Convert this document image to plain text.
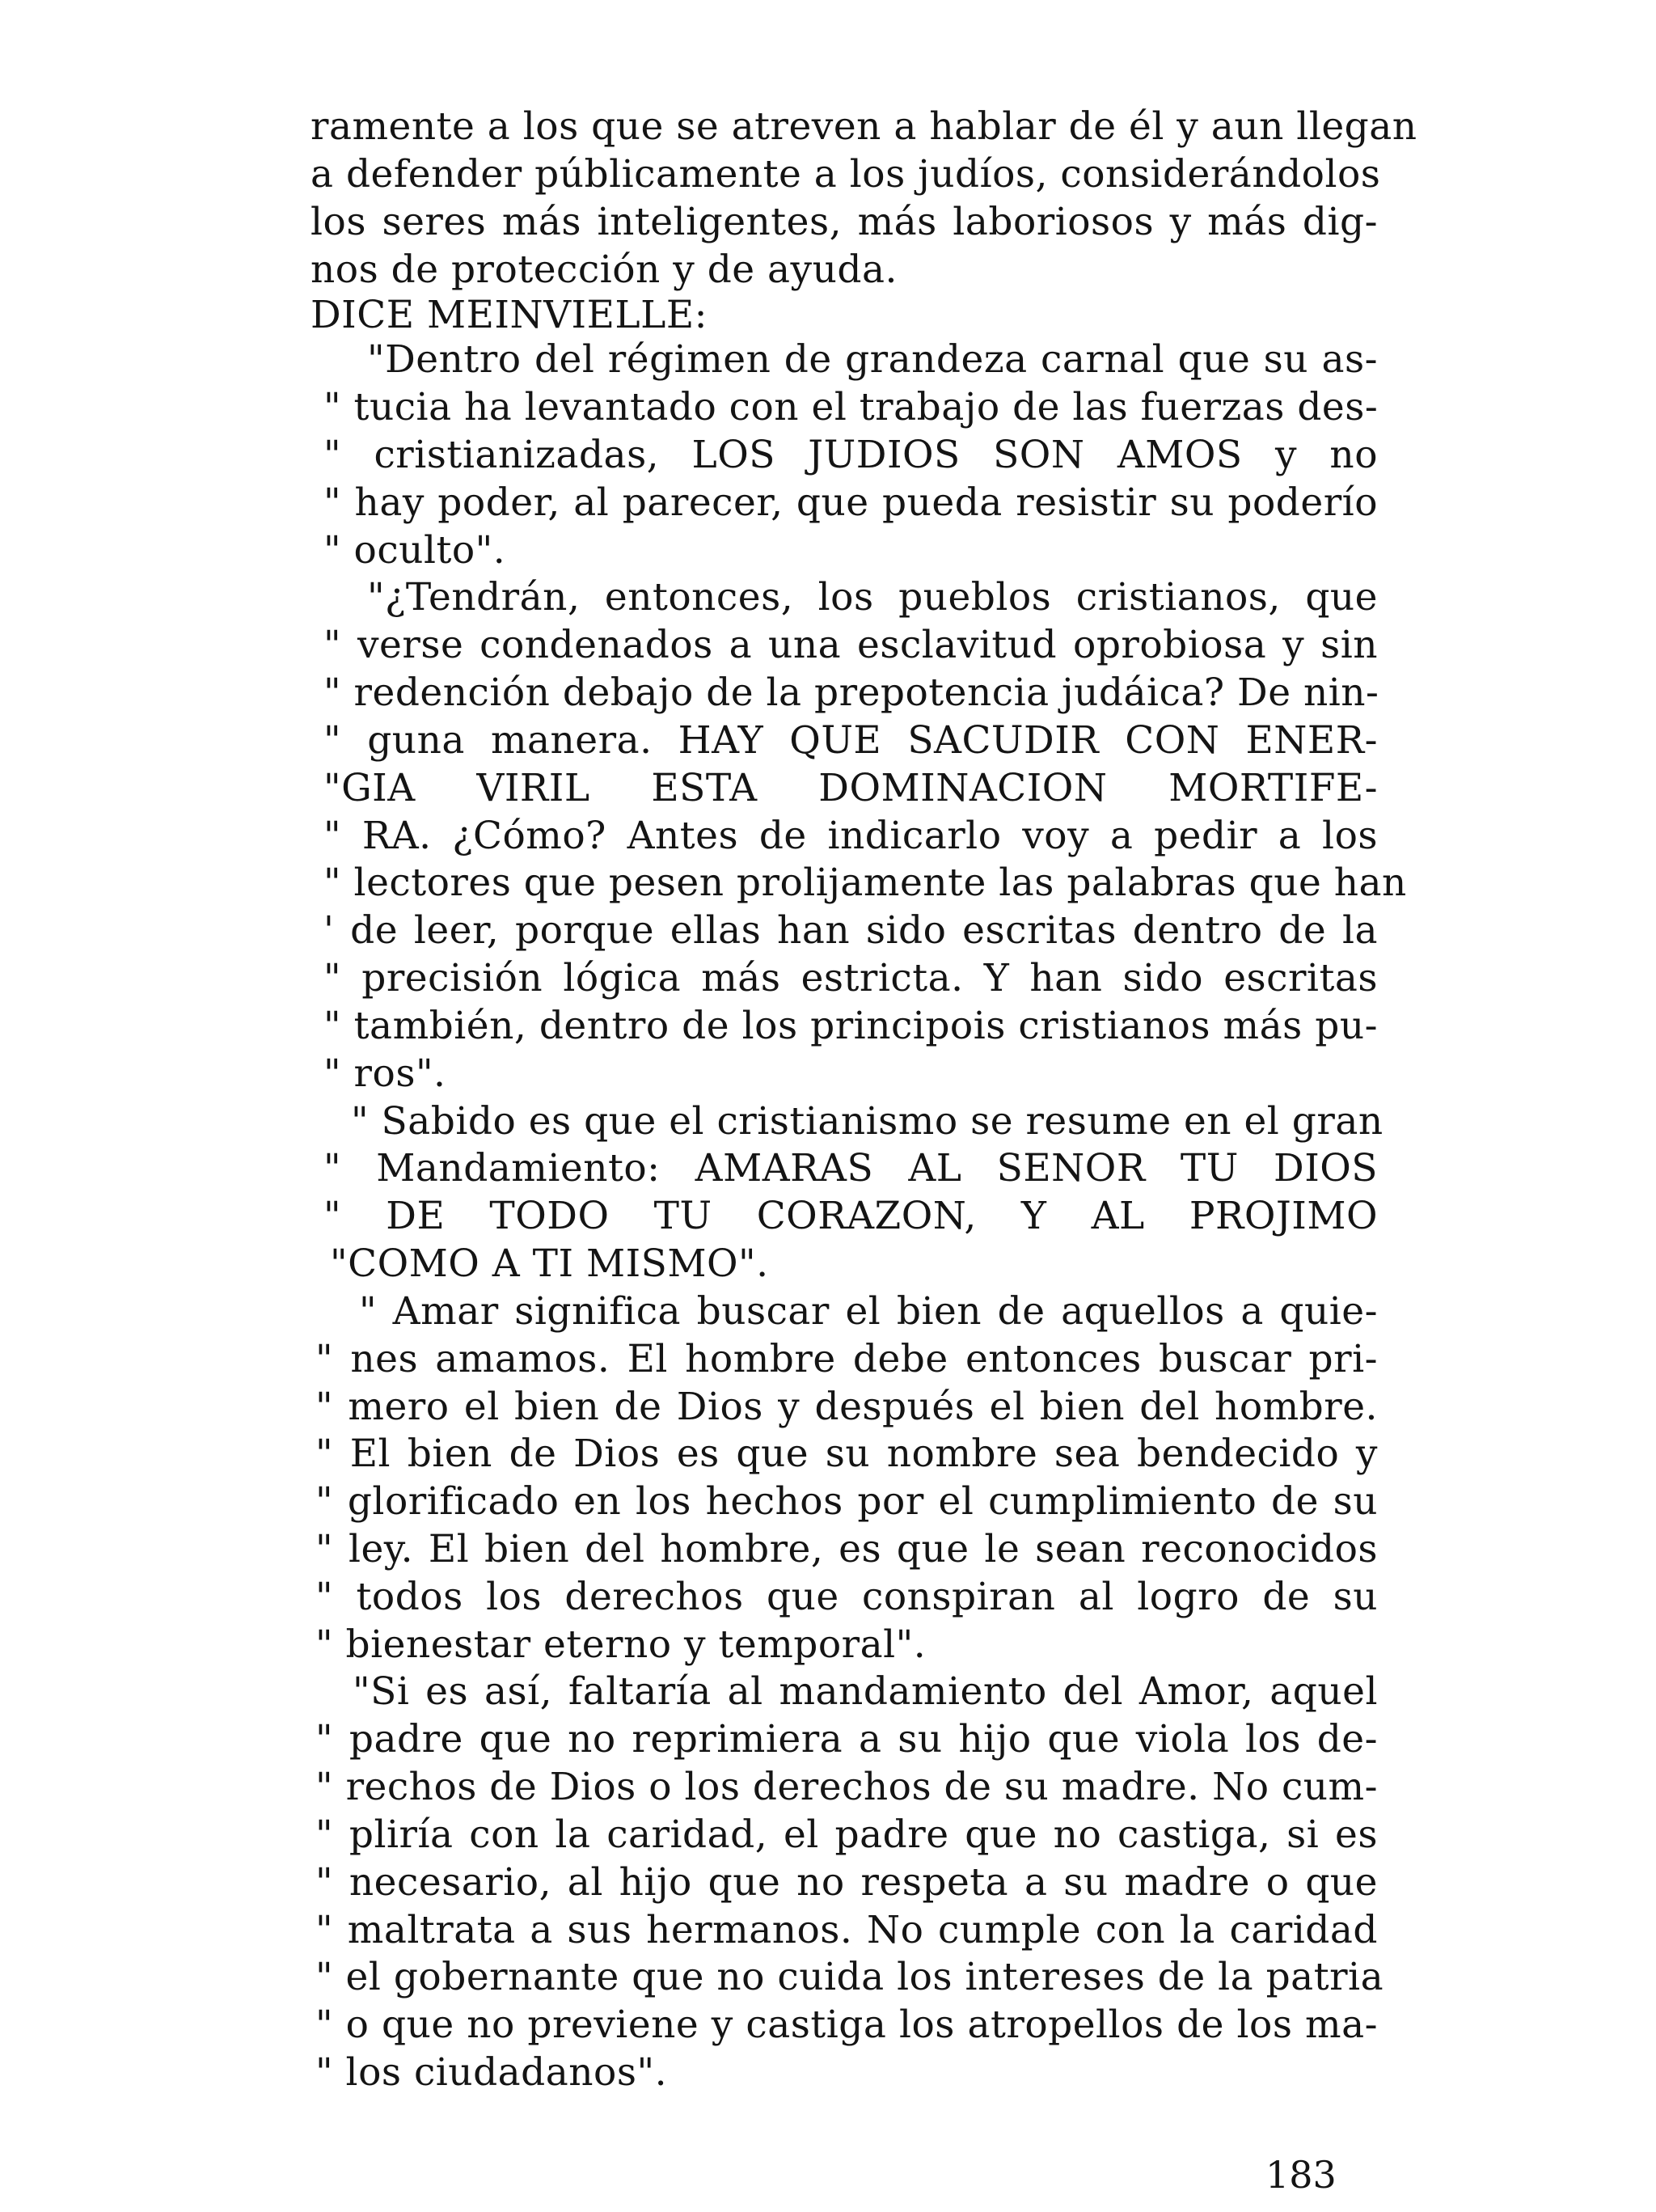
ramente a los que se atreven a hablar de él y aun llegan
a defender públicamente a los judíos, considerándolos
los seres más inteligentes, más laboriosos y más dig-
nos de protección y de ayuda.
DICE MEINVIELLE:
"Dentro del régimen de grandeza carnal que su as-
" tucia ha levantado con el trabajo de las fuerzas des-
" cristianizadas, LOS JUDIOS SON AMOS y no
" hay poder, al parecer, que pueda resistir su poderío
" oculto".
"¿Tendrán, entonces, los pueblos cristianos, que
" verse condenados a una esclavitud oprobiosa y sin
" redención debajo de la prepotencia judáica? De nin-
" guna manera. HAY QUE SACUDIR CON ENER-
"GIA VIRIL ESTA DOMINACION MORTIFE-
" RA. ¿Cómo? Antes de indicarlo voy a pedir a los
" lectores que pesen prolijamente las palabras que han
' de leer, porque ellas han sido escritas dentro de la
" precisión lógica más estricta. Y han sido escritas
" también, dentro de los principois cristianos más pu-
" ros".
" Sabido es que el cristianismo se resume en el gran
" Mandamiento: AMARAS AL SENOR TU DIOS
" DE TODO TU CORAZON, Y AL PROJIMO
"COMO A TI MISMO".
" Amar significa buscar el bien de aquellos a quie-
" nes amamos. El hombre debe entonces buscar pri-
" mero el bien de Dios y después el bien del hombre.
" El bien de Dios es que su nombre sea bendecido y
" glorificado en los hechos por el cumplimiento de su
" ley. El bien del hombre, es que le sean reconocidos
" todos los derechos que conspiran al logro de su
" bienestar eterno y temporal".
"Si es así, faltaría al mandamiento del Amor, aquel
" padre que no reprimiera a su hijo que viola los de-
" rechos de Dios o los derechos de su madre. No cum-
" pliría con la caridad, el padre que no castiga, si es
" necesario, al hijo que no respeta a su madre o que
" maltrata a sus hermanos. No cumple con la caridad
" el gobernante que no cuida los intereses de la patria
" o que no previene y castiga los atropellos de los ma-
" los ciudadanos".
183
